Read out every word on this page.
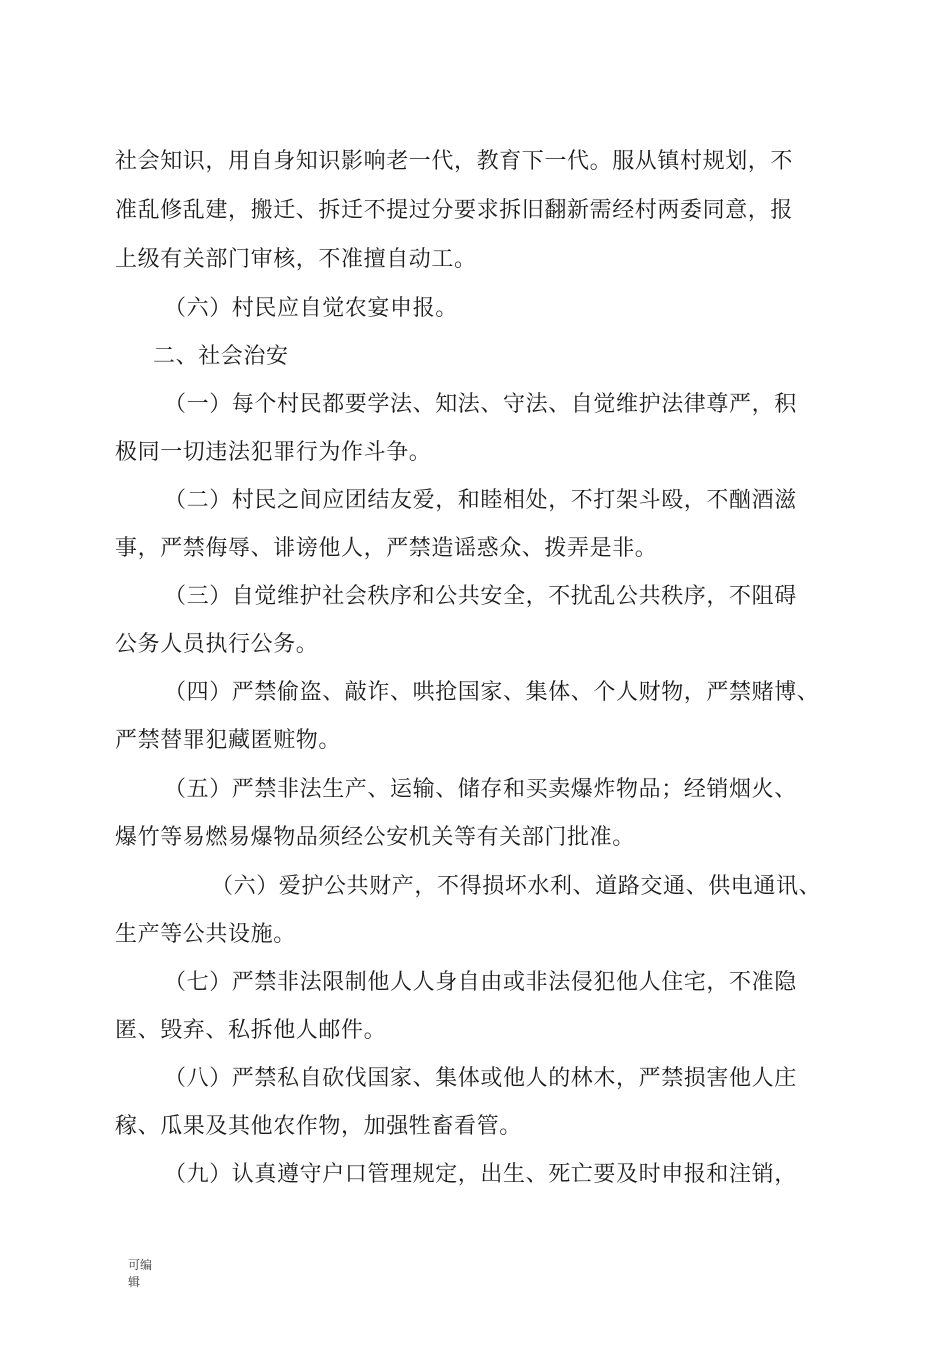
社会知识，用自身知识影响老一代，教育下一代。服从镇村规划，不
准乱修乱建，搬迁、拆迁不提过分要求拆旧翻新需经村两委同意，报
上级有关部门审核，不准擅自动工。
（六）村民应自觉农宴申报。
二、社会治安
（一）每个村民都要学法、知法、守法、自觉维护法律尊严，积
极同一切违法犯罪行为作斗争。
（二）村民之间应团结友爱，和睦相处，不打架斗殴，不酗酒滋
事，严禁侮辱、诽谤他人，严禁造谣惑众、拨弄是非。
（三）自觉维护社会秩序和公共安全，不扰乱公共秩序，不阻碍
公务人员执行公务。
（四）严禁偷盗、敲诈、哄抢国家、集体、个人财物，严禁赌博、
严禁替罪犯藏匿赃物。
（五）严禁非法生产、运输、储存和买卖爆炸物品；经销烟火、
爆竹等易燃易爆物品须经公安机关等有关部门批准。
（六）爱护公共财产，不得损坏水利、道路交通、供电通讯、
生产等公共设施。
（七）严禁非法限制他人人身自由或非法侵犯他人住宅，不准隐
匿、毁弃、私拆他人邮件。
（八）严禁私自砍伐国家、集体或他人的林木，严禁损害他人庄
稼、瓜果及其他农作物，加强牲畜看管。
（九）认真遵守户口管理规定，出生、死亡要及时申报和注销，
可编辑
